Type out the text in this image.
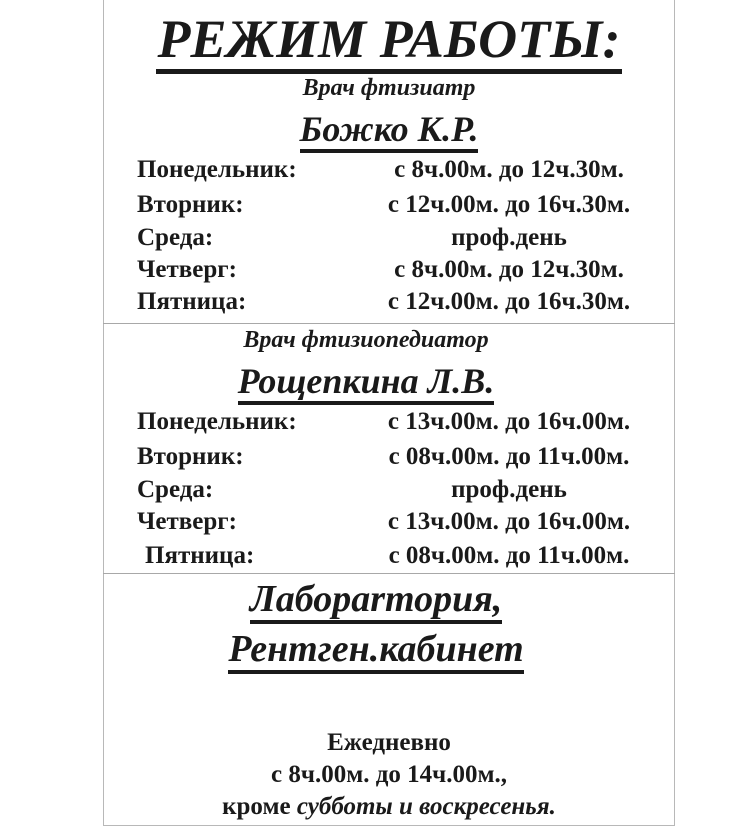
РЕЖИМ РАБОТЫ:
Врач фтизиатр
Божко К.Р.
Понедельник:	с 8ч.00м. до 12ч.30м.
Вторник:	с 12ч.00м. до 16ч.30м.
Среда:	проф.день
Четверг:	с 8ч.00м. до 12ч.30м.
Пятница:	с 12ч.00м. до 16ч.30м.
Врач фтизиопедиатор
Рощепкина Л.В.
Понедельник:	с 13ч.00м. до 16ч.00м.
Вторник:	с 08ч.00м. до 11ч.00м.
Среда:	проф.день
Четверг:	с 13ч.00м. до 16ч.00м.
Пятница:	с 08ч.00м. до 11ч.00м.
Лабораrтория,
Рентген.кабинет
Ежедневно
с 8ч.00м. до 14ч.00м.,
кроме субботы и воскресенья.
